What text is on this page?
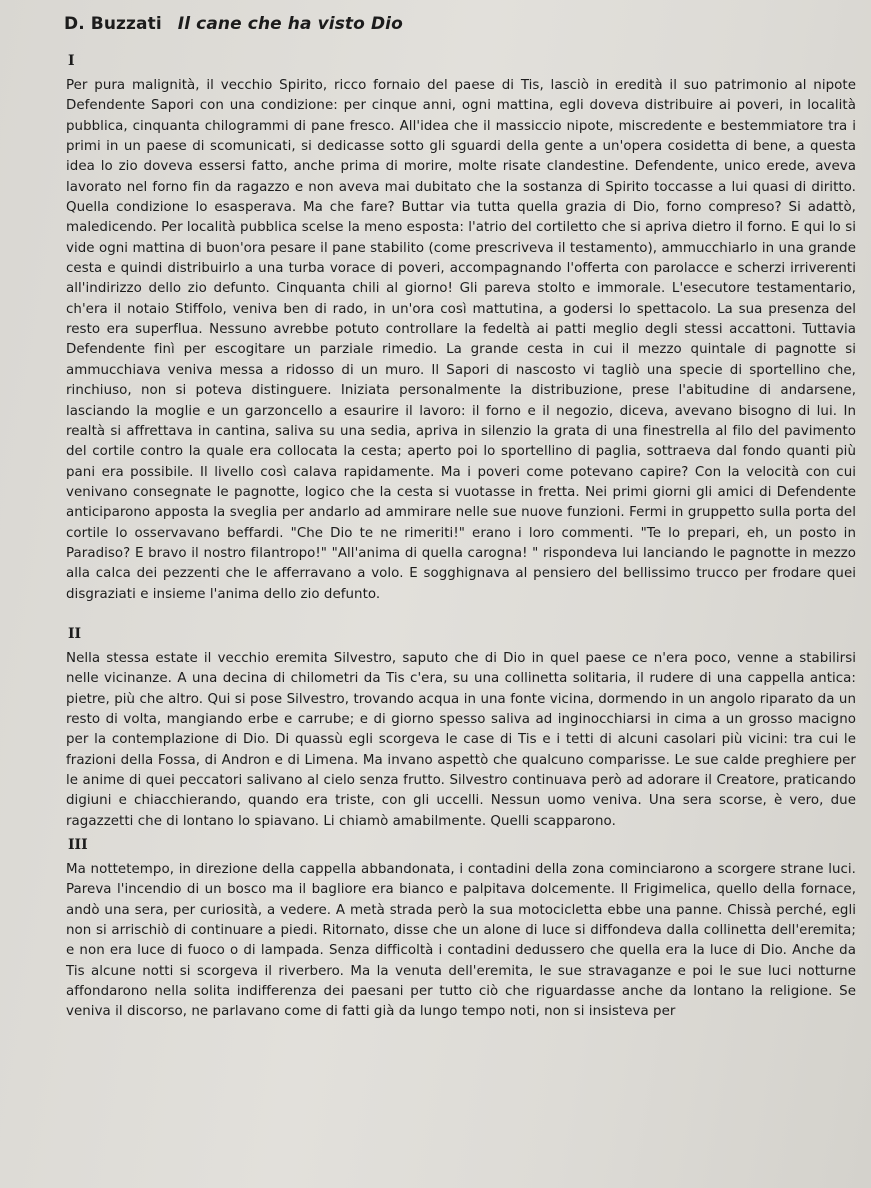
D. Buzzati Il cane che ha visto Dio
I

Per pura malignità, il vecchio Spirito, ricco fornaio del paese di Tis, lasciò in eredità il suo patrimonio al nipote Defendente Sapori con una condizione: per cinque anni, ogni mattina, egli doveva distribuire ai poveri, in località pubblica, cinquanta chilogrammi di pane fresco. All'idea che il massiccio nipote, miscredente e bestemmiatore tra i primi in un paese di scomunicati, si dedicasse sotto gli sguardi della gente a un'opera cosidetta di bene, a questa idea lo zio doveva essersi fatto, anche prima di morire, molte risate clandestine. Defendente, unico erede, aveva lavorato nel forno fin da ragazzo e non aveva mai dubitato che la sostanza di Spirito toccasse a lui quasi di diritto. Quella condizione lo esasperava. Ma che fare? Buttar via tutta quella grazia di Dio, forno compreso? Si adattò, maledicendo. Per località pubblica scelse la meno esposta: l'atrio del cortiletto che si apriva dietro il forno. E qui lo si vide ogni mattina di buon'ora pesare il pane stabilito (come prescriveva il testamento), ammucchiarlo in una grande cesta e quindi distribuirlo a una turba vorace di poveri, accompagnando l'offerta con parolacce e scherzi irriverenti all'indirizzo dello zio defunto. Cinquanta chili al giorno! Gli pareva stolto e immorale. L'esecutore testamentario, ch'era il notaio Stiffolo, veniva ben di rado, in un'ora così mattutina, a godersi lo spettacolo. La sua presenza del resto era superflua. Nessuno avrebbe potuto controllare la fedeltà ai patti meglio degli stessi accattoni. Tuttavia Defendente finì per escogitare un parziale rimedio. La grande cesta in cui il mezzo quintale di pagnotte si ammucchiava veniva messa a ridosso di un muro. Il Sapori di nascosto vi tagliò una specie di sportellino che, rinchiuso, non si poteva distinguere. Iniziata personalmente la distribuzione, prese l'abitudine di andarsene, lasciando la moglie e un garzoncello a esaurire il lavoro: il forno e il negozio, diceva, avevano bisogno di lui. In realtà si affrettava in cantina, saliva su una sedia, apriva in silenzio la grata di una finestrella al filo del pavimento del cortile contro la quale era collocata la cesta; aperto poi lo sportellino di paglia, sottraeva dal fondo quanti più pani era possibile. Il livello così calava rapidamente. Ma i poveri come potevano capire? Con la velocità con cui venivano consegnate le pagnotte, logico che la cesta si vuotasse in fretta. Nei primi giorni gli amici di Defendente anticiparono apposta la sveglia per andarlo ad ammirare nelle sue nuove funzioni. Fermi in gruppetto sulla porta del cortile lo osservavano beffardi. "Che Dio te ne rimeriti!" erano i loro commenti. "Te lo prepari, eh, un posto in Paradiso? E bravo il nostro filantropo!" "All'anima di quella carogna! " rispondeva lui lanciando le pagnotte in mezzo alla calca dei pezzenti che le afferravano a volo. E sogghignava al pensiero del bellissimo trucco per frodare quei disgraziati e insieme l'anima dello zio defunto.

II

Nella stessa estate il vecchio eremita Silvestro, saputo che di Dio in quel paese ce n'era poco, venne a stabilirsi nelle vicinanze. A una decina di chilometri da Tis c'era, su una collinetta solitaria, il rudere di una cappella antica: pietre, più che altro. Qui si pose Silvestro, trovando acqua in una fonte vicina, dormendo in un angolo riparato da un resto di volta, mangiando erbe e carrube; e di giorno spesso saliva ad inginocchiarsi in cima a un grosso macigno per la contemplazione di Dio. Di quassù egli scorgeva le case di Tis e i tetti di alcuni casolari più vicini: tra cui le frazioni della Fossa, di Andron e di Limena. Ma invano aspettò che qualcuno comparisse. Le sue calde preghiere per le anime di quei peccatori salivano al cielo senza frutto. Silvestro continuava però ad adorare il Creatore, praticando digiuni e chiacchierando, quando era triste, con gli uccelli. Nessun uomo veniva. Una sera scorse, è vero, due ragazzetti che di lontano lo spiavano. Li chiamò amabilmente. Quelli scapparono.

III

Ma nottetempo, in direzione della cappella abbandonata, i contadini della zona cominciarono a scorgere strane luci. Pareva l'incendio di un bosco ma il bagliore era bianco e palpitava dolcemente. Il Frigimelica, quello della fornace, andò una sera, per curiosità, a vedere. A metà strada però la sua motocicletta ebbe una panne. Chissà perché, egli non si arrischiò di continuare a piedi. Ritornato, disse che un alone di luce si diffondeva dalla collinetta dell'eremita; e non era luce di fuoco o di lampada. Senza difficoltà i contadini dedussero che quella era la luce di Dio. Anche da Tis alcune notti si scorgeva il riverbero. Ma la venuta dell'eremita, le sue stravaganze e poi le sue luci notturne affondarono nella solita indifferenza dei paesani per tutto ciò che riguardasse anche da lontano la religione. Se veniva il discorso, ne parlavano come di fatti già da lungo tempo noti, non si insisteva per
